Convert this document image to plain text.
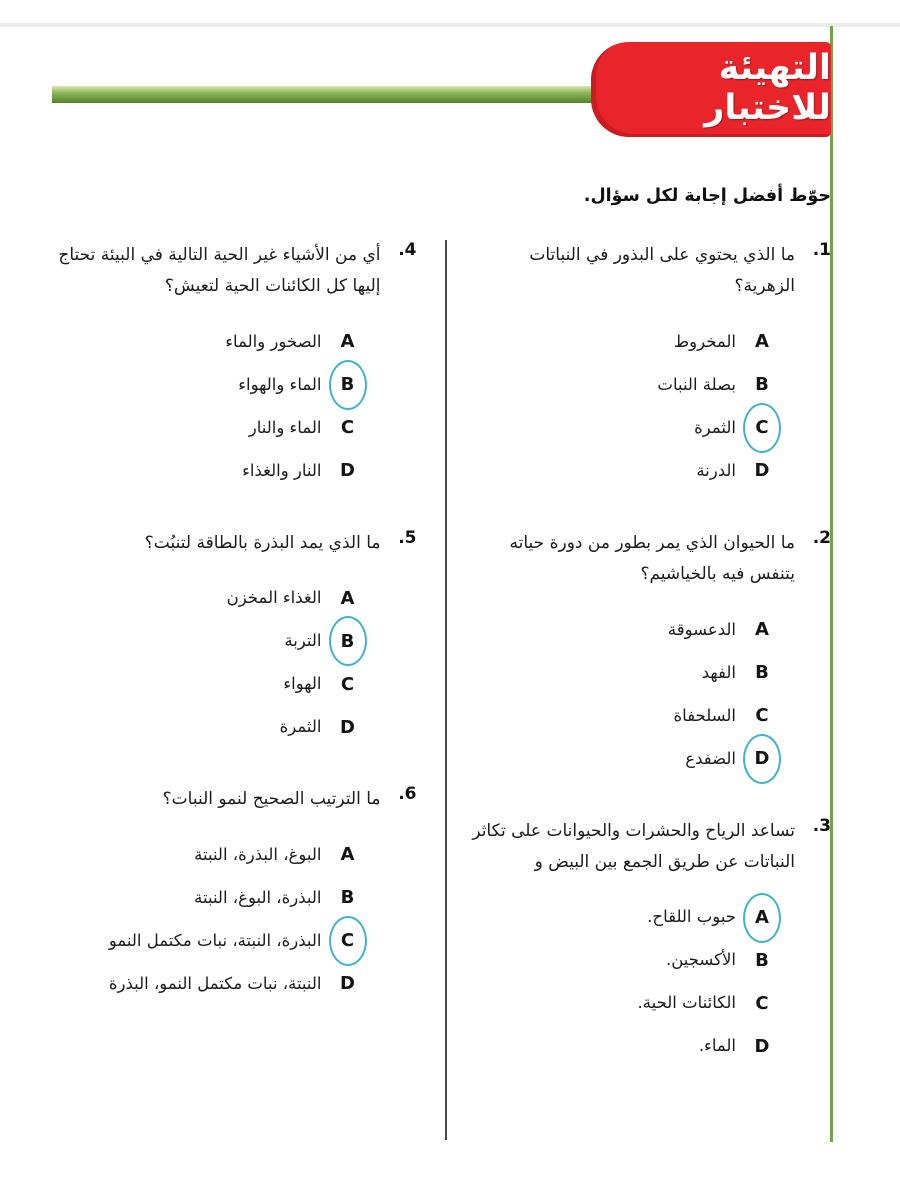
التهيئة للاختبار

حوّط أفضل إجابة لكل سؤال.

1.
ما الذي يحتوي على البذور في النباتات الزهرية؟
A
المخروط
B
بصلة النبات
C
الثمرة
D
الدرنة
2.
ما الحيوان الذي يمر بطور من دورة حياته يتنفس فيه بالخياشيم؟
A
الدعسوقة
B
الفهد
C
السلحفاة
D
الضفدع
3.
تساعد الرياح والحشرات والحيوانات على تكاثر النباتات عن طريق الجمع بين البيض و
A
حبوب اللقاح.
B
الأكسجين.
C
الكائنات الحية.
D
الماء.
4.
أي من الأشياء غير الحية التالية في البيئة تحتاج إليها كل الكائنات الحية لتعيش؟
A
الصخور والماء
B
الماء والهواء
C
الماء والنار
D
النار والغذاء
5.
ما الذي يمد البذرة بالطاقة لتنبُت؟
A
الغذاء المخزن
B
التربة
C
الهواء
D
الثمرة
6.
ما الترتيب الصحيح لنمو النبات؟
A
البوغ، البذرة، النبتة
B
البذرة، البوغ، النبتة
C
البذرة، النبتة، نبات مكتمل النمو
D
النبتة، نبات مكتمل النمو، البذرة
